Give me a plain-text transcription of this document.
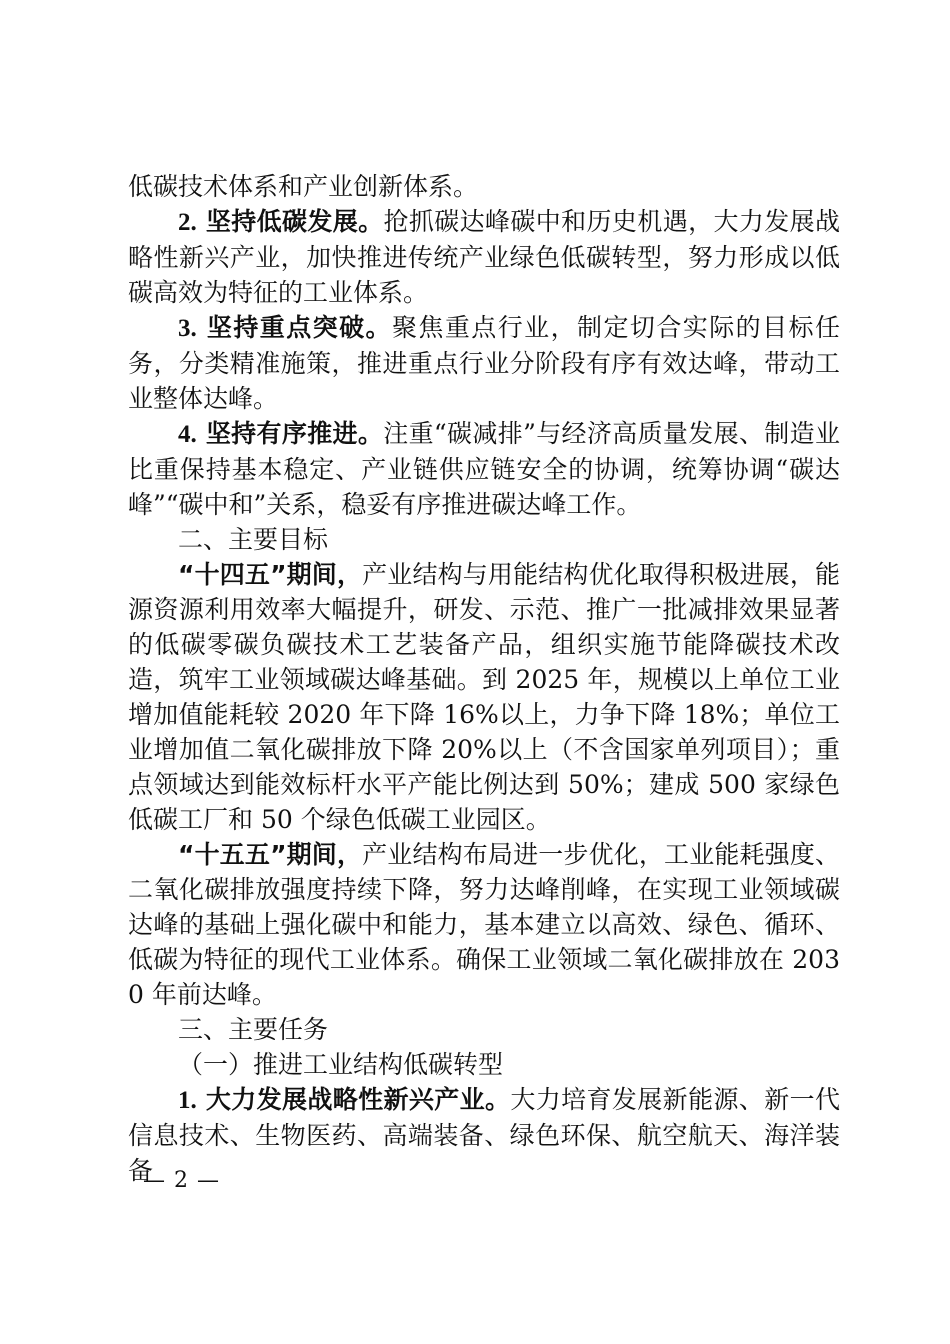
低碳技术体系和产业创新体系。

2. 坚持低碳发展。抢抓碳达峰碳中和历史机遇，大力发展战略性新兴产业，加快推进传统产业绿色低碳转型，努力形成以低碳高效为特征的工业体系。

3. 坚持重点突破。聚焦重点行业，制定切合实际的目标任务，分类精准施策，推进重点行业分阶段有序有效达峰，带动工业整体达峰。

4. 坚持有序推进。注重“碳减排”与经济高质量发展、制造业比重保持基本稳定、产业链供应链安全的协调，统筹协调“碳达峰”“碳中和”关系，稳妥有序推进碳达峰工作。

二、主要目标

“十四五”期间，产业结构与用能结构优化取得积极进展，能源资源利用效率大幅提升，研发、示范、推广一批减排效果显著的低碳零碳负碳技术工艺装备产品，组织实施节能降碳技术改造，筑牢工业领域碳达峰基础。到 2025 年，规模以上单位工业增加值能耗较 2020 年下降 16%以上，力争下降 18%；单位工业增加值二氧化碳排放下降 20%以上（不含国家单列项目）；重点领域达到能效标杆水平产能比例达到 50%；建成 500 家绿色低碳工厂和 50 个绿色低碳工业园区。

“十五五”期间，产业结构布局进一步优化，工业能耗强度、二氧化碳排放强度持续下降，努力达峰削峰，在实现工业领域碳达峰的基础上强化碳中和能力，基本建立以高效、绿色、循环、低碳为特征的现代工业体系。确保工业领域二氧化碳排放在 2030 年前达峰。

三、主要任务

（一）推进工业结构低碳转型

1. 大力发展战略性新兴产业。大力培育发展新能源、新一代信息技术、生物医药、高端装备、绿色环保、航空航天、海洋装备

— 2 —
